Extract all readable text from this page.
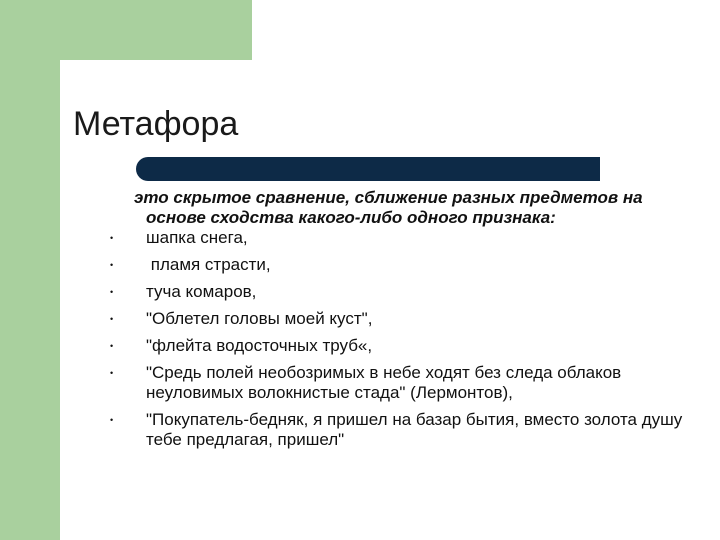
Метафора

это скрытое сравнение, сближение разных предметов на основе сходства какого-либо одного признака:

• шапка снега,
• пламя страсти,
• туча комаров,
• "Облетел головы моей куст",
• "флейта водосточных труб«,
• "Средь полей необозримых в небе ходят без следа облаков неуловимых волокнистые стада" (Лермонтов),
• "Покупатель-бедняк, я пришел на базар бытия, вместо золота душу тебе предлагая, пришел"
